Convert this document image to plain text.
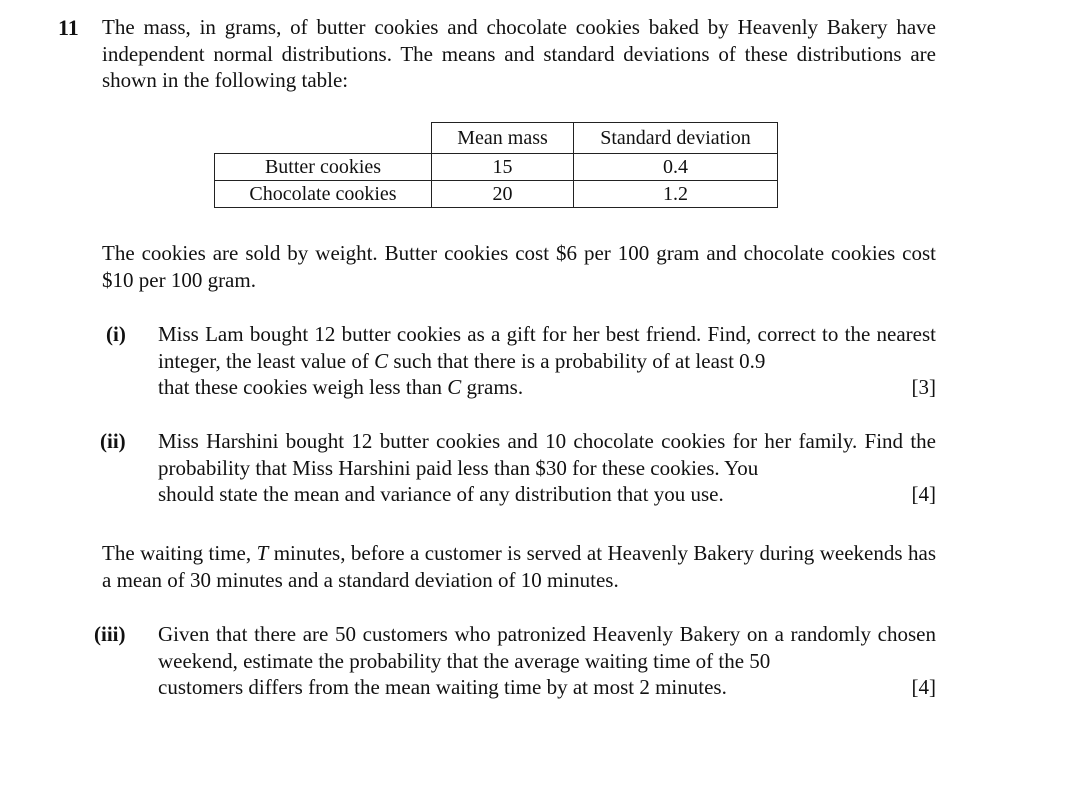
11 The mass, in grams, of butter cookies and chocolate cookies baked by Heavenly Bakery have independent normal distributions. The means and standard deviations of these distributions are shown in the following table:
	Mean mass	Standard deviation
Butter cookies	15	0.4
Chocolate cookies	20	1.2
The cookies are sold by weight. Butter cookies cost $6 per 100 gram and chocolate cookies cost $10 per 100 gram.
(i)	Miss Lam bought 12 butter cookies as a gift for her best friend. Find, correct to the nearest integer, the least value of C such that there is a probability of at least 0.9
that these cookies weigh less than C grams.	[3]
(ii)	Miss Harshini bought 12 butter cookies and 10 chocolate cookies for her family. Find the probability that Miss Harshini paid less than $30 for these cookies. You
should state the mean and variance of any distribution that you use.	[4]
The waiting time, T minutes, before a customer is served at Heavenly Bakery during weekends has a mean of 30 minutes and a standard deviation of 10 minutes.
(iii)	Given that there are 50 customers who patronized Heavenly Bakery on a randomly chosen weekend, estimate the probability that the average waiting time of the 50
customers differs from the mean waiting time by at most 2 minutes.	[4]
